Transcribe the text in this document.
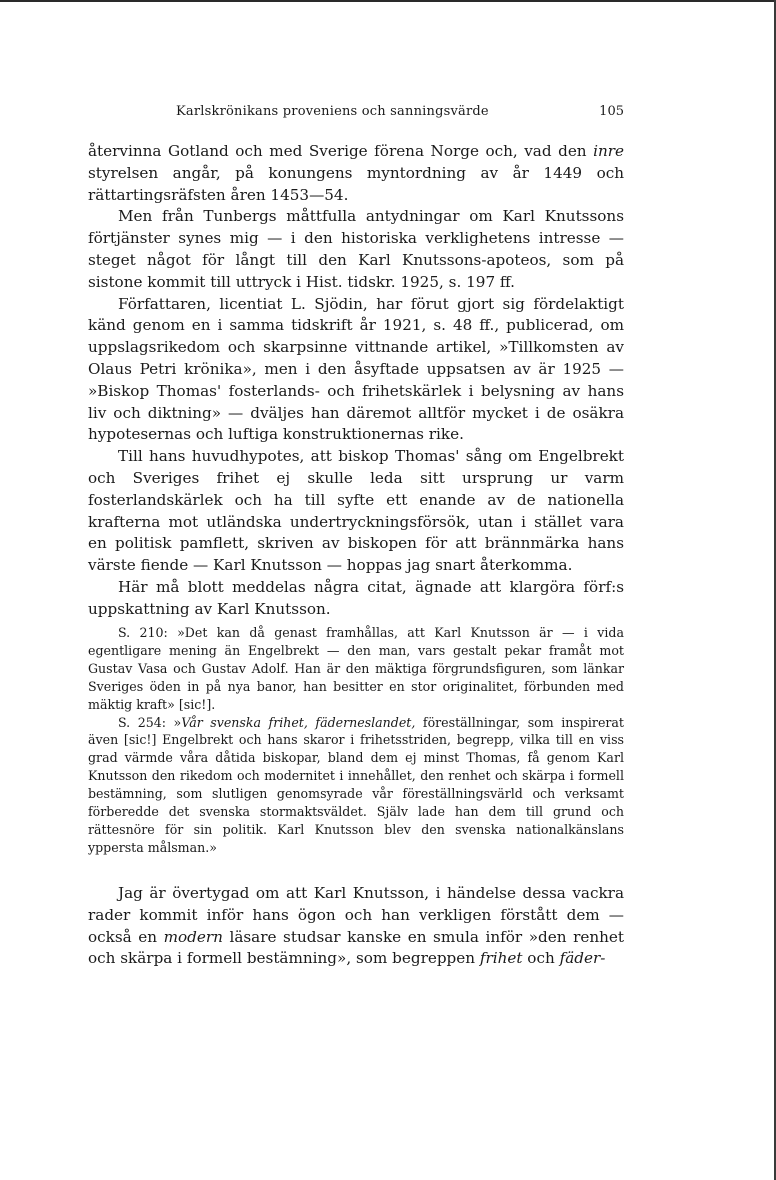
Karlskrönikans proveniens och sanningsvärde	105

återvinna Gotland och med Sverige förena Norge och, vad den inre styrelsen angår, på konungens myntordning av år 1449 och rättartingsräfsten åren 1453—54.

Men från Tunbergs måttfulla antydningar om Karl Knutssons förtjänster synes mig — i den historiska verklighetens intresse — steget något för långt till den Karl Knutssons-apoteos, som på sistone kommit till uttryck i Hist. tidskr. 1925, s. 197 ff.

Författaren, licentiat L. Sjödin, har förut gjort sig fördelaktigt känd genom en i samma tidskrift år 1921, s. 48 ff., publicerad, om uppslagsrikedom och skarpsinne vittnande artikel, »Tillkomsten av Olaus Petri krönika», men i den åsyftade uppsatsen av är 1925 — »Biskop Thomas' fosterlands- och frihetskärlek i belysning av hans liv och diktning» — dväljes han däremot alltför mycket i de osäkra hypotesernas och luftiga konstruktionernas rike.

Till hans huvudhypotes, att biskop Thomas' sång om Engelbrekt och Sveriges frihet ej skulle leda sitt ursprung ur varm fosterlandskärlek och ha till syfte ett enande av de nationella krafterna mot utländska undertryckningsförsök, utan i stället vara en politisk pamflett, skriven av biskopen för att brännmärka hans värste fiende — Karl Knutsson — hoppas jag snart återkomma.

Här må blott meddelas några citat, ägnade att klargöra förf:s uppskattning av Karl Knutsson.

S. 210: »Det kan då genast framhållas, att Karl Knutsson är — i vida egentligare mening än Engelbrekt — den man, vars gestalt pekar framåt mot Gustav Vasa och Gustav Adolf. Han är den mäktiga förgrundsfiguren, som länkar Sveriges öden in på nya banor, han besitter en stor originalitet, förbunden med mäktig kraft» [sic!].

S. 254: »Vår svenska frihet, fäderneslandet, föreställningar, som inspirerat även [sic!] Engelbrekt och hans skaror i frihetsstriden, begrepp, vilka till en viss grad värmde våra dåtida biskopar, bland dem ej minst Thomas, få genom Karl Knutsson den rikedom och modernitet i innehållet, den renhet och skärpa i formell bestämning, som slutligen genomsyrade vår föreställningsvärld och verksamt förberedde det svenska stormaktsväldet. Själv lade han dem till grund och rättesnöre för sin politik. Karl Knutsson blev den svenska nationalkänslans yppersta målsman.»

Jag är övertygad om att Karl Knutsson, i händelse dessa vackra rader kommit inför hans ögon och han verkligen förstått dem — också en modern läsare studsar kanske en smula inför »den renhet och skärpa i formell bestämning», som begreppen frihet och fäder-
